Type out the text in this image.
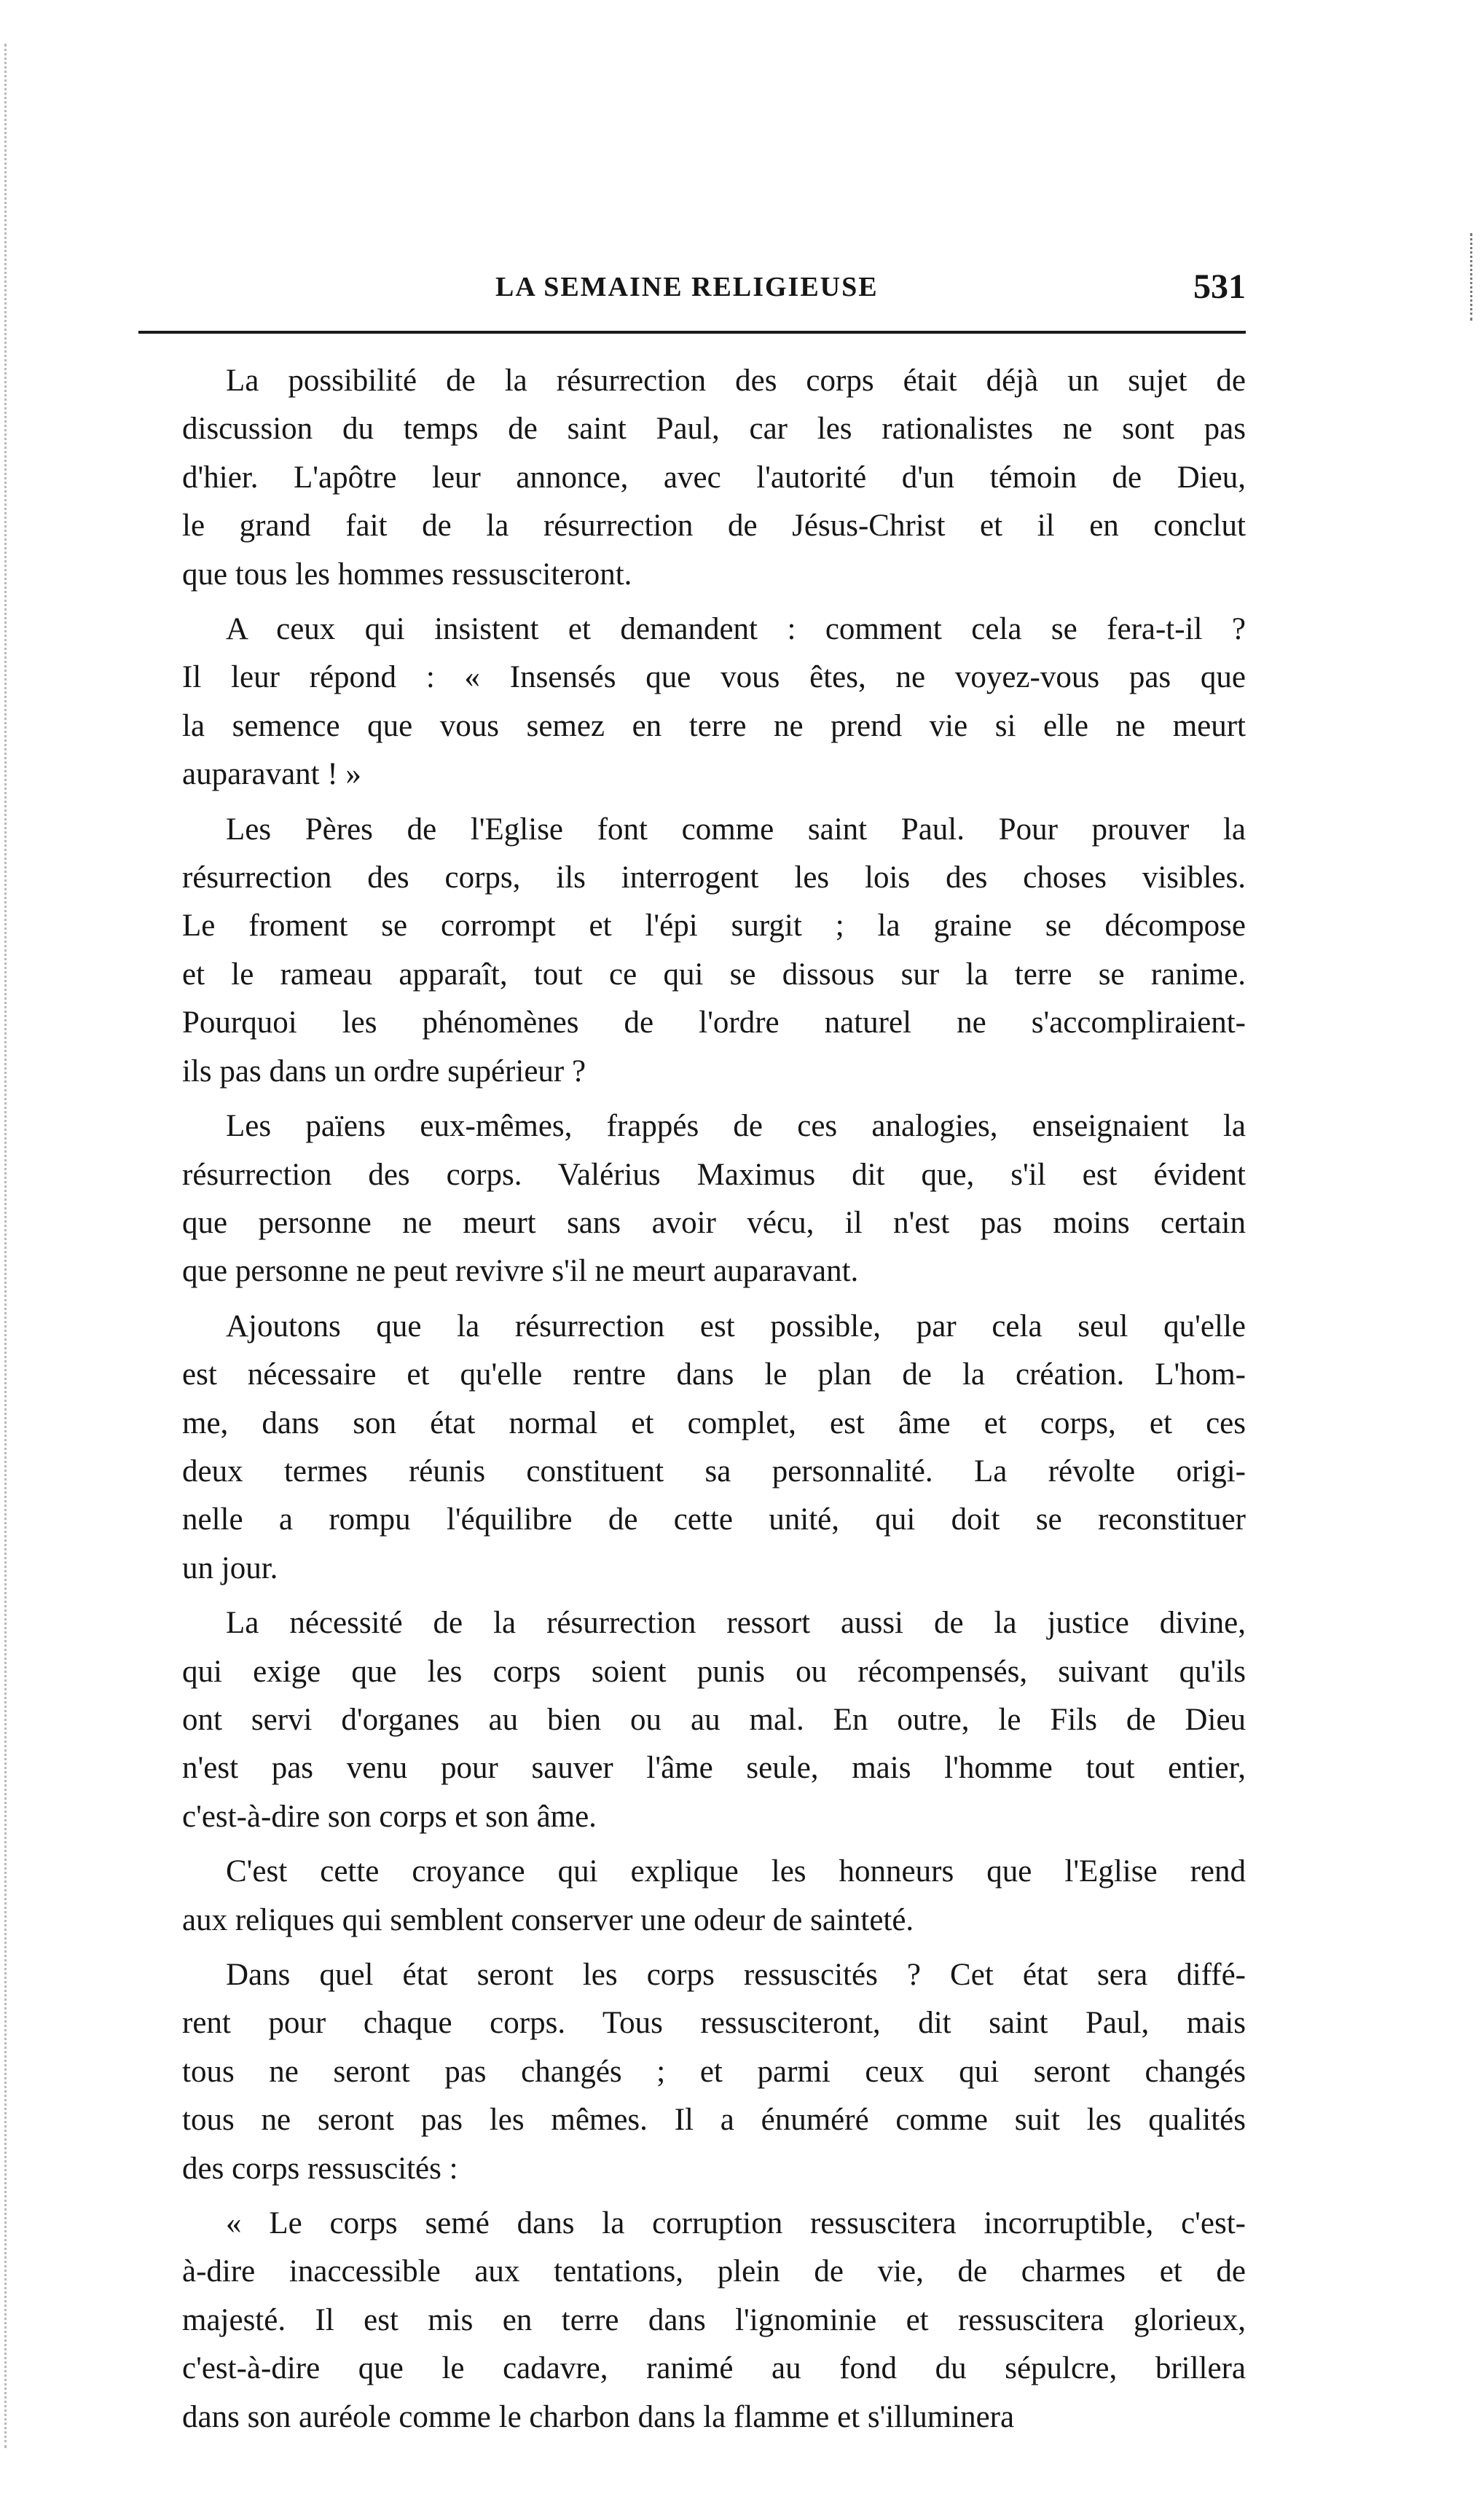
LA SEMAINE RELIGIEUSE	531
La possibilité de la résurrection des corps était déjà un sujet de
discussion du temps de saint Paul, car les rationalistes ne sont pas
d'hier. L'apôtre leur annonce, avec l'autorité d'un témoin de Dieu,
le grand fait de la résurrection de Jésus-Christ et il en conclut
que tous les hommes ressusciteront.
A ceux qui insistent et demandent : comment cela se fera-t-il ?
Il leur répond : « Insensés que vous êtes, ne voyez-vous pas que
la semence que vous semez en terre ne prend vie si elle ne meurt
auparavant ! »
Les Pères de l'Eglise font comme saint Paul. Pour prouver la
résurrection des corps, ils interrogent les lois des choses visibles.
Le froment se corrompt et l'épi surgit ; la graine se décompose
et le rameau apparaît, tout ce qui se dissous sur la terre se ranime.
Pourquoi les phénomènes de l'ordre naturel ne s'accompliraient-
ils pas dans un ordre supérieur ?
Les païens eux-mêmes, frappés de ces analogies, enseignaient la
résurrection des corps. Valérius Maximus dit que, s'il est évident
que personne ne meurt sans avoir vécu, il n'est pas moins certain
que personne ne peut revivre s'il ne meurt auparavant.
Ajoutons que la résurrection est possible, par cela seul qu'elle
est nécessaire et qu'elle rentre dans le plan de la création. L'hom-
me, dans son état normal et complet, est âme et corps, et ces
deux termes réunis constituent sa personnalité. La révolte origi-
nelle a rompu l'équilibre de cette unité, qui doit se reconstituer
un jour.
La nécessité de la résurrection ressort aussi de la justice divine,
qui exige que les corps soient punis ou récompensés, suivant qu'ils
ont servi d'organes au bien ou au mal. En outre, le Fils de Dieu
n'est pas venu pour sauver l'âme seule, mais l'homme tout entier,
c'est-à-dire son corps et son âme.
C'est cette croyance qui explique les honneurs que l'Eglise rend
aux reliques qui semblent conserver une odeur de sainteté.
Dans quel état seront les corps ressuscités ? Cet état sera diffé-
rent pour chaque corps. Tous ressusciteront, dit saint Paul, mais
tous ne seront pas changés ; et parmi ceux qui seront changés
tous ne seront pas les mêmes. Il a énuméré comme suit les qualités
des corps ressuscités :
« Le corps semé dans la corruption ressuscitera incorruptible, c'est-
à-dire inaccessible aux tentations, plein de vie, de charmes et de
majesté. Il est mis en terre dans l'ignominie et ressuscitera glorieux,
c'est-à-dire que le cadavre, ranimé au fond du sépulcre, brillera
dans son auréole comme le charbon dans la flamme et s'illuminera
